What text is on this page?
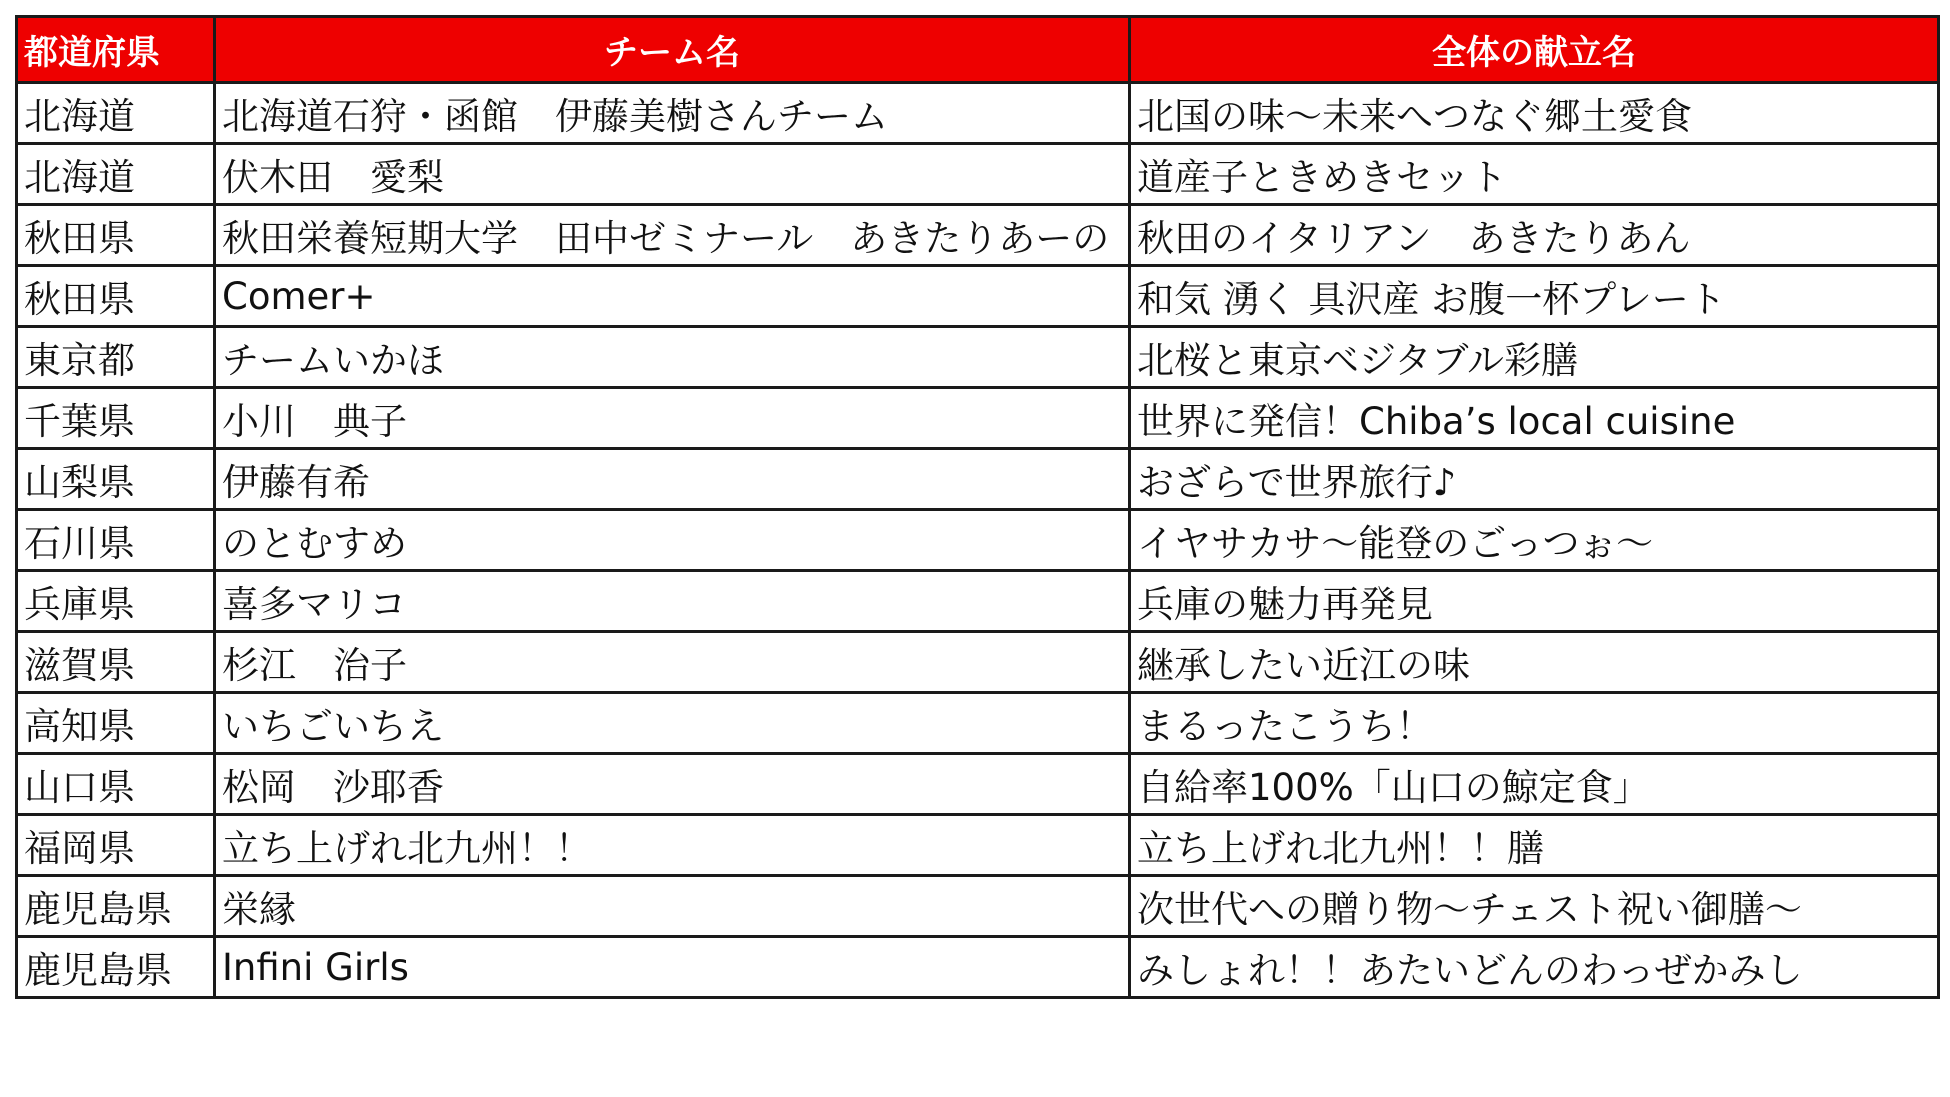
都道府県	チーム名	全体の献立名
北海道	北海道石狩・函館　伊藤美樹さんチーム	北国の味～未来へつなぐ郷土愛食
北海道	伏木田　愛梨	道産子ときめきセット
秋田県	秋田栄養短期大学　田中ゼミナール　あきたりあーの	秋田のイタリアン　あきたりあん
秋田県	Comer+	和気 湧く 具沢産 お腹一杯プレート
東京都	チームいかほ	北桜と東京ベジタブル彩膳
千葉県	小川　典子	世界に発信！Chiba’s local cuisine
山梨県	伊藤有希	おざらで世界旅行♪
石川県	のとむすめ	イヤサカサ～能登のごっつぉ～
兵庫県	喜多マリコ	兵庫の魅力再発見
滋賀県	杉江　治子	継承したい近江の味
高知県	いちごいちえ	まるったこうち！
山口県	松岡　沙耶香	自給率100%「山口の鯨定食」
福岡県	立ち上げれ北九州！！	立ち上げれ北九州！！膳
鹿児島県	栄縁	次世代への贈り物～チェスト祝い御膳～
鹿児島県	Infini Girls	みしょれ！！あたいどんのわっぜかみし
